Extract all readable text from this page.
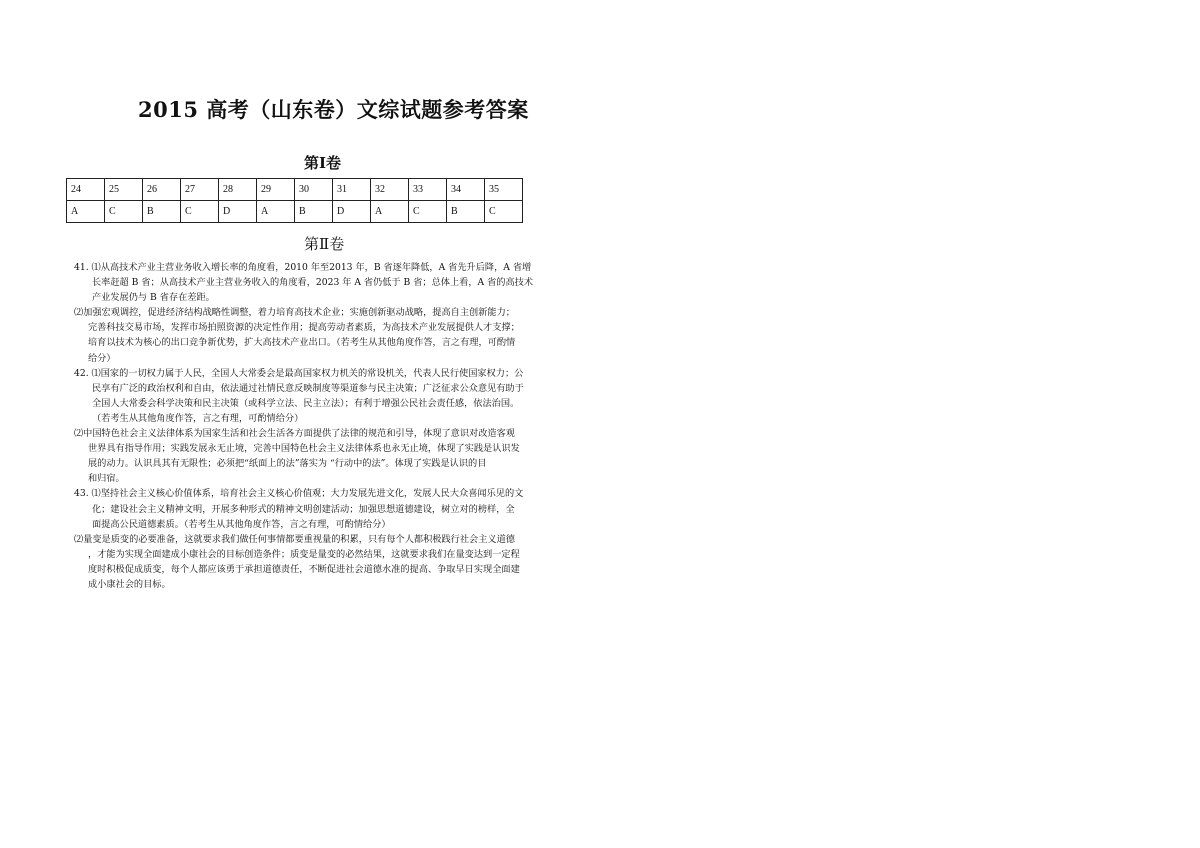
2015 高考（山东卷）文综试题参考答案
第Ⅰ卷
24	25	26	27	28	29	30	31	32	33	34	35
A	C	B	C	D	A	B	D	A	C	B	C
第Ⅱ卷
41. ⑴从高技术产业主营业务收入增长率的角度看，2010 年至2013 年，B 省逐年降低，A 省先升后降，A 省增
长率赶超 B 省；从高技术产业主营业务收入的角度看，2023 年 A 省仍低于 B 省；总体上看，A 省的高技术
产业发展仍与 B 省存在差距。
⑵加强宏观调控，促进经济结构战略性调整，着力培育高技术企业；实施创新驱动战略，提高自主创新能力；
完善科技交易市场，发挥市场拍照资源的决定性作用；提高劳动者素质，为高技术产业发展提供人才支撑；
培育以技术为核心的出口竞争新优势，扩大高技术产业出口。（若考生从其他角度作答，言之有理，可酌情
给分）
42. ⑴国家的一切权力属于人民，全国人大常委会是最高国家权力机关的常设机关，代表人民行使国家权力；公
民享有广泛的政治权利和自由，依法通过社情民意反映制度等渠道参与民主决策；广泛征求公众意见有助于
全国人大常委会科学决策和民主决策（或科学立法、民主立法）；有利于增强公民社会责任感，依法治国。
（若考生从其他角度作答，言之有理，可酌情给分）
⑵中国特色社会主义法律体系为国家生活和社会生活各方面提供了法律的规范和引导，体现了意识对改造客观
世界具有指导作用；实践发展永无止境，完善中国特色杜会主义法律体系也永无止境，体现了实践是认识发
展的动力。认识具其有无限性；必须把“纸面上的法”落实为 “行动中的法”。体现了实践是认识的目
和归宿。
43. ⑴坚持社会主义核心价值体系，培育社会主义核心价值观；大力发展先进文化，发展人民大众喜闻乐见的文
化；建设社会主义精神文明，开展多种形式的精神文明创建活动；加强思想道德建设，树立对的榜样，全
面提高公民道德素质。（若考生从其他角度作答，言之有理，可酌情给分）
⑵量变是质变的必要准备，这就要求我们做任何事情都要重视量的积累，只有每个人都积极践行社会主义道德
，才能为实现全面建成小康社会的目标创造条件；质变是量变的必然结果，这就要求我们在量变达到一定程
度时积极促成质变，每个人都应该勇于承担道德责任，不断促进社会道德水准的提高、争取早日实现全面建
成小康社会的目标。
